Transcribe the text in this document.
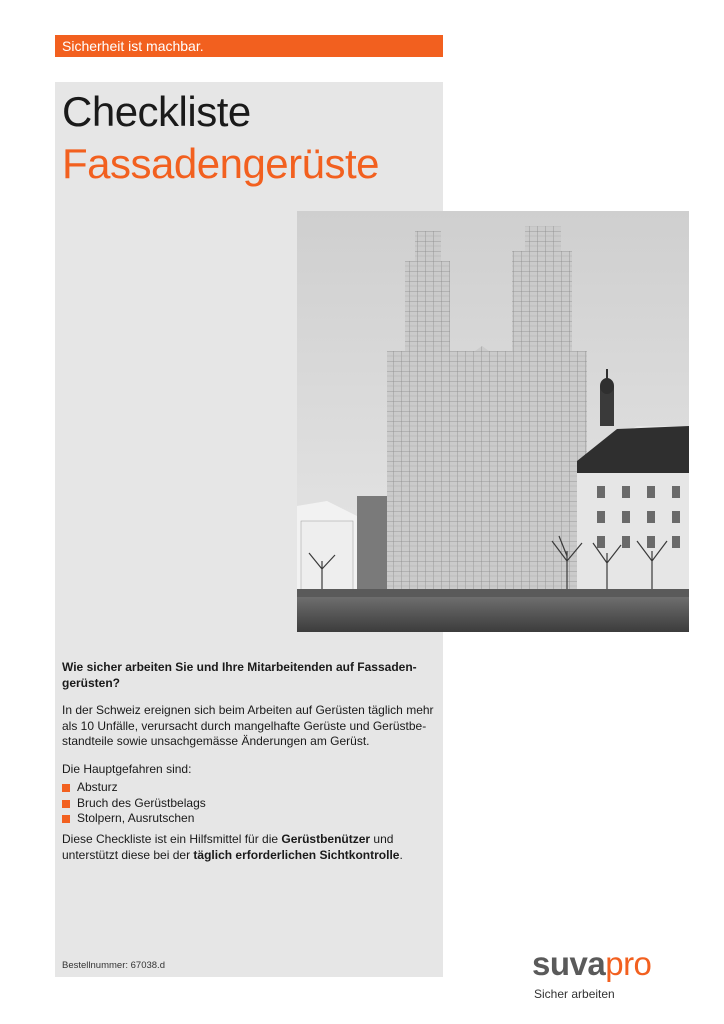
Sicherheit ist machbar.
Checkliste
Fassadengerüste
Wie sicher arbeiten Sie und Ihre Mitarbeitenden auf Fassaden-gerüsten?
In der Schweiz ereignen sich beim Arbeiten auf Gerüsten täglich mehr als 10 Unfälle, verursacht durch mangelhafte Gerüste und Gerüstbe-standteile sowie unsachgemässe Änderungen am Gerüst.
Die Hauptgefahren sind:
Absturz
Bruch des Gerüstbelags
Stolpern, Ausrutschen
Diese Checkliste ist ein Hilfsmittel für die Gerüstbenützer und unterstützt diese bei der täglich erforderlichen Sichtkontrolle.
Bestellnummer: 67038.d	suvapro
Sicher arbeiten
